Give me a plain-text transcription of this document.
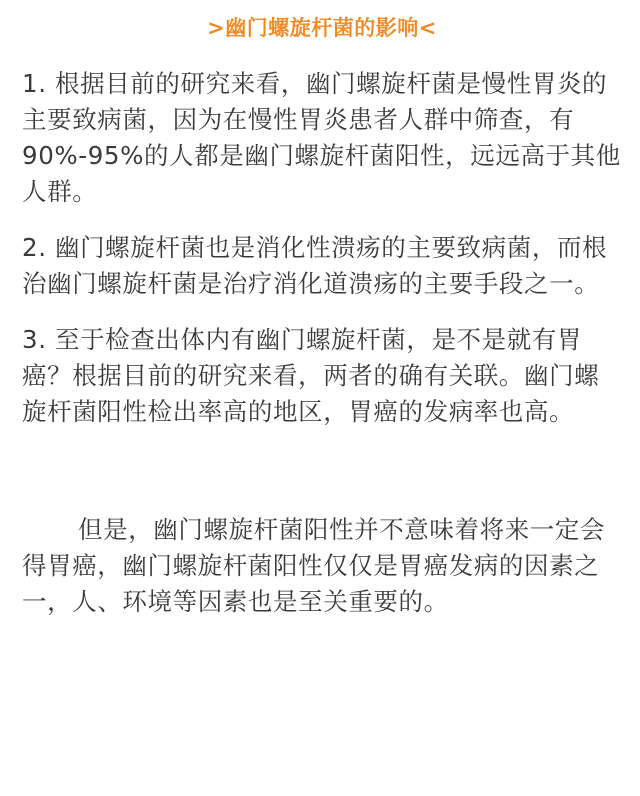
>幽门螺旋杆菌的影响<

1. 根据目前的研究来看，幽门螺旋杆菌是慢性胃炎的主要致病菌，因为在慢性胃炎患者人群中筛查，有90%-95%的人都是幽门螺旋杆菌阳性，远远高于其他人群。

2. 幽门螺旋杆菌也是消化性溃疡的主要致病菌，而根治幽门螺旋杆菌是治疗消化道溃疡的主要手段之一。

3. 至于检查出体内有幽门螺旋杆菌，是不是就有胃癌？根据目前的研究来看，两者的确有关联。幽门螺旋杆菌阳性检出率高的地区，胃癌的发病率也高。

但是，幽门螺旋杆菌阳性并不意味着将来一定会得胃癌，幽门螺旋杆菌阳性仅仅是胃癌发病的因素之一，人、环境等因素也是至关重要的。
